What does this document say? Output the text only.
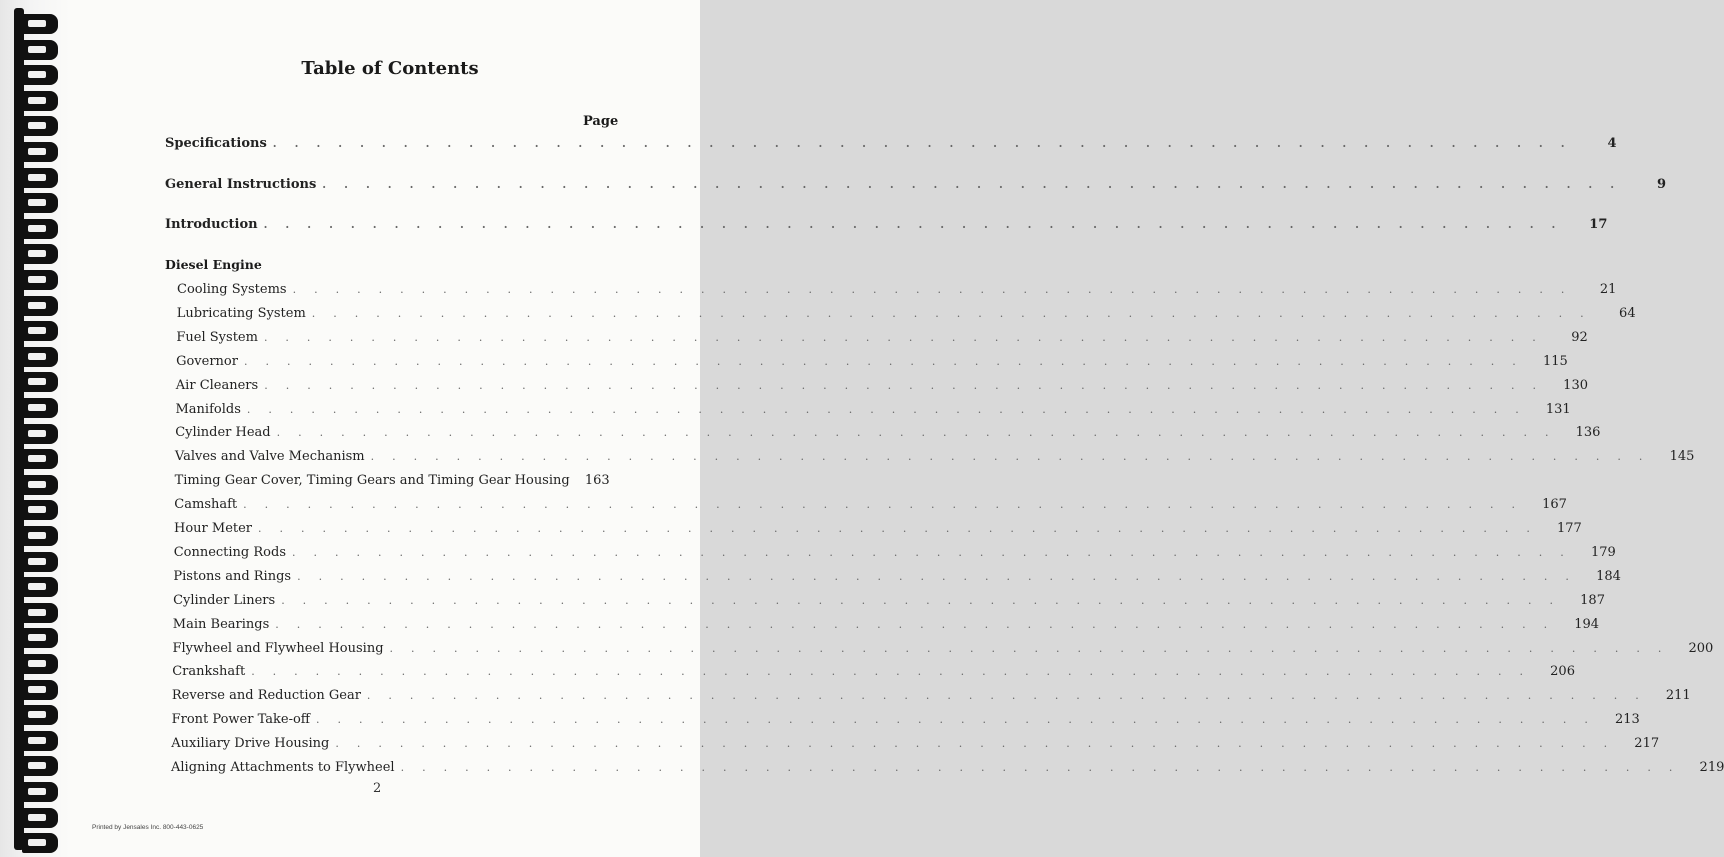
Table of Contents
Page
Specifications ............................................................	4
General Instructions ............................................................	9
Introduction ............................................................	17
Diesel Engine
Cooling Systems ............................................................	21
Lubricating System ............................................................	64
Fuel System ............................................................	92
Governor ............................................................ 115
Air Cleaners ............................................................ 130
Manifolds ............................................................ 131
Cylinder Head ............................................................ 136
Valves and Valve Mechanism ............................................................ 145
Timing Gear Cover, Timing Gears and Timing Gear Housing 163
Camshaft ............................................................ 167
Hour Meter ............................................................ 177
Connecting Rods ............................................................ 179
Pistons and Rings ............................................................ 184
Cylinder Liners ............................................................ 187
Main Bearings ............................................................ 194
Flywheel and Flywheel Housing ............................................................ 200
Crankshaft ............................................................ 206
Reverse and Reduction Gear ............................................................ 211
Front Power Take-off ............................................................ 213
Auxiliary Drive Housing ............................................................ 217
Aligning Attachments to Flywheel ............................................................ 219
2
Printed by Jensales Inc. 800-443-0625
